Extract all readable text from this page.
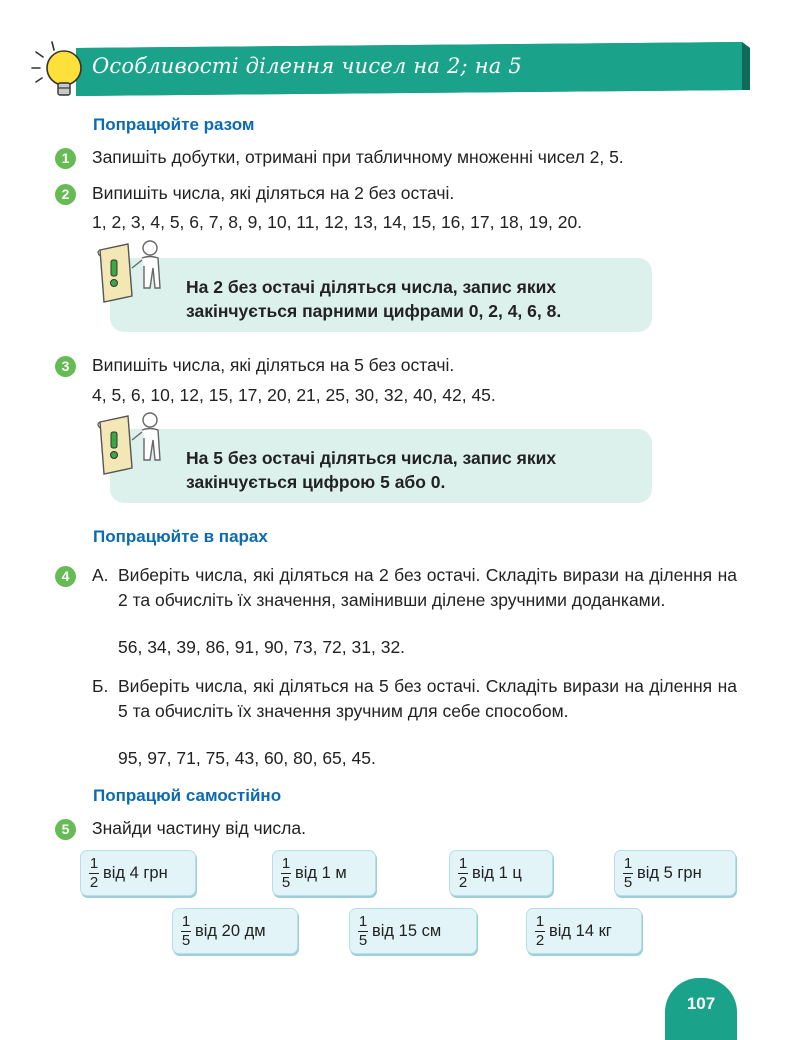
Особливості ділення чисел на 2; на 5
Попрацюйте разом
1	Запишіть добутки, отримані при табличному множенні чисел 2, 5.
2	Випишіть числа, які діляться на 2 без остачі.
1, 2, 3, 4, 5, 6, 7, 8, 9, 10, 11, 12, 13, 14, 15, 16, 17, 18, 19, 20.
На 2 без остачі діляться числа, запис яких
закінчується парними цифрами 0, 2, 4, 6, 8.
3	Випишіть числа, які діляться на 5 без остачі.
4, 5, 6, 10, 12, 15, 17, 20, 21, 25, 30, 32, 40, 42, 45.
На 5 без остачі діляться числа, запис яких
закінчується цифрою 5 або 0.
Попрацюйте в парах
4	А. Виберіть числа, які діляться на 2 без остачі. Складіть вирази на ділення на 2 та обчисліть їх значення, замінивши ділене зручними доданками.
56, 34, 39, 86, 91, 90, 73, 72, 31, 32.
Б. Виберіть числа, які діляться на 5 без остачі. Складіть вирази на ділення на 5 та обчисліть їх значення зручним для себе способом.
95, 97, 71, 75, 43, 60, 80, 65, 45.
Попрацюй самостійно
5	Знайди частину від числа.
$\frac{1}{2}$ від 4 грн	$\frac{1}{5}$ від 1 м	$\frac{1}{2}$ від 1 ц	$\frac{1}{5}$ від 5 грн
$\frac{1}{5}$ від 20 дм	$\frac{1}{5}$ від 15 см	$\frac{1}{2}$ від 14 кг
107
